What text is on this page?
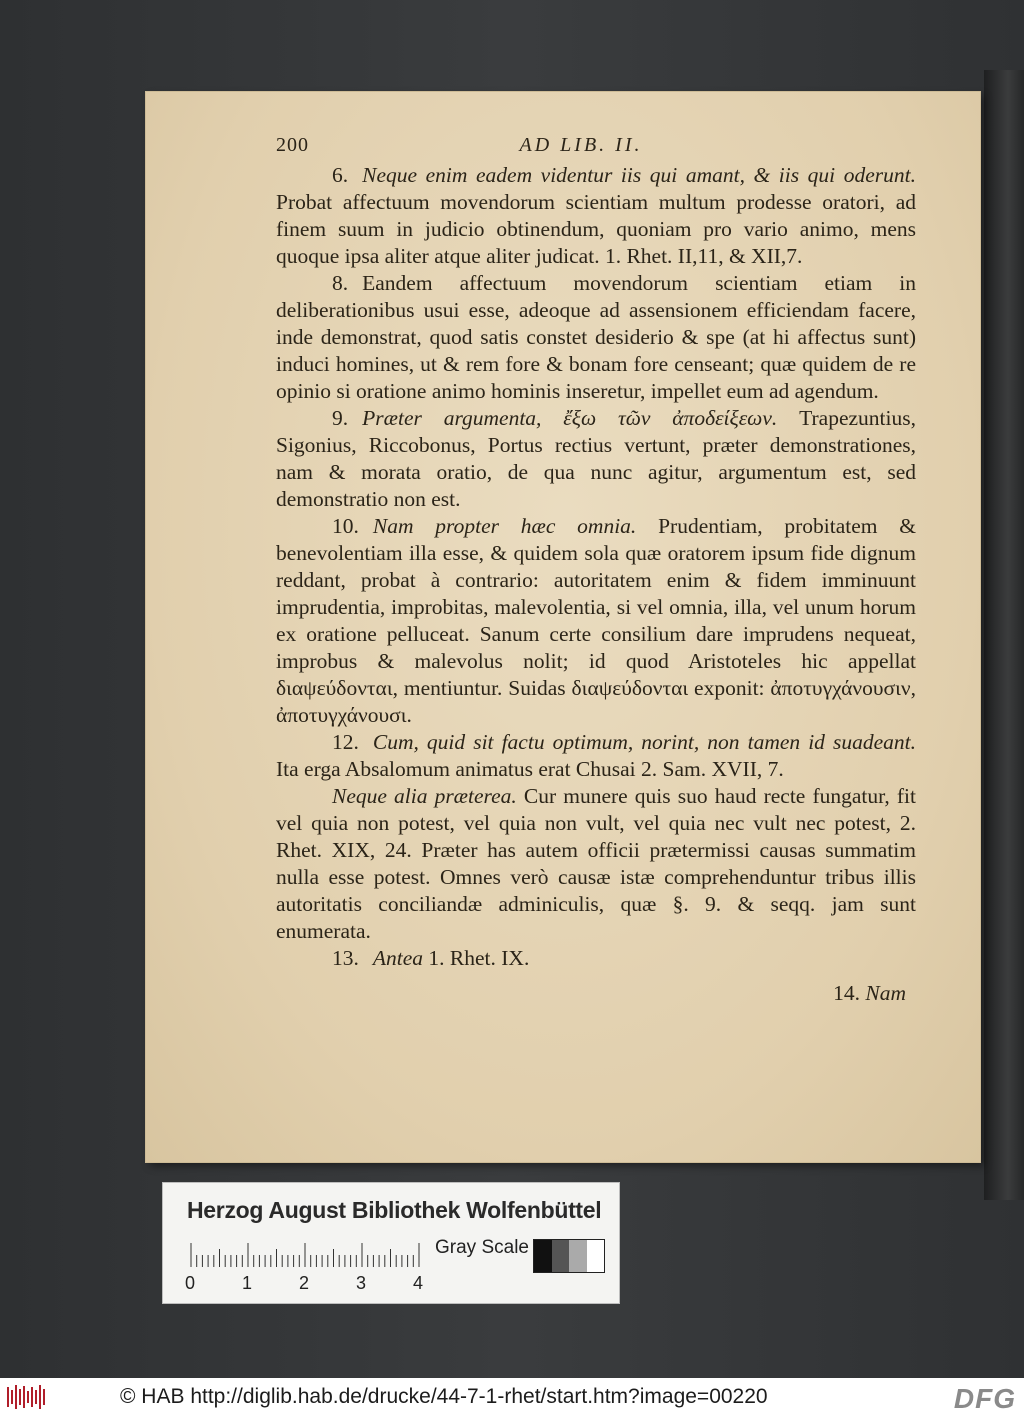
200	AD LIB. II.

6. Neque enim eadem videntur iis qui amant, & iis qui oderunt. Probat affectuum movendorum scientiam multum prodesse oratori, ad finem suum in judicio obtinendum, quoniam pro vario animo, mens quoque ipsa aliter atque aliter judicat. 1. Rhet. II,11, & XII,7.

8. Eandem affectuum movendorum scientiam etiam in deliberationibus usui esse, adeoque ad assensionem efficiendam facere, inde demonstrat, quod satis constet desiderio & spe (at hi affectus sunt) induci homines, ut & rem fore & bonam fore censeant; quæ quidem de re opinio si oratione animo hominis inseretur, impellet eum ad agendum.

9. Præter argumenta, ἔξω τῶν ἀποδείξεων. Trapezuntius, Sigonius, Riccobonus, Portus rectius vertunt, præter demonstrationes, nam & morata oratio, de qua nunc agitur, argumentum est, sed demonstratio non est.

10. Nam propter hæc omnia. Prudentiam, probitatem & benevolentiam illa esse, & quidem sola quæ oratorem ipsum fide dignum reddant, probat à contrario: autoritatem enim & fidem imminuunt imprudentia, improbitas, malevolentia, si vel omnia, illa, vel unum horum ex oratione pelluceat. Sanum certe consilium dare imprudens nequeat, improbus & malevolus nolit; id quod Aristoteles hic appellat διαψεύδονται, mentiuntur. Suidas διαψεύδονται exponit: ἀποτυγχάνουσιν, ἀποτυγχάνουσι.

12. Cum, quid sit factu optimum, norint, non tamen id suadeant. Ita erga Absalomum animatus erat Chusai 2. Sam. XVII, 7.

Neque alia præterea. Cur munere quis suo haud recte fungatur, fit vel quia non potest, vel quia non vult, vel quia nec vult nec potest, 2. Rhet. XIX, 24. Præter has autem officii prætermissi causas summatim nulla esse potest. Omnes verò causæ istæ comprehenduntur tribus illis autoritatis conciliandæ adminiculis, quæ §. 9. & seqq. jam sunt enumerata.

13. Antea 1. Rhet. IX.

14. Nam
Herzog August Bibliothek Wolfenbüttel
0	1	2	3	4
Gray Scale
© HAB http://diglib.hab.de/drucke/44-7-1-rhet/start.htm?image=00220	DFG
